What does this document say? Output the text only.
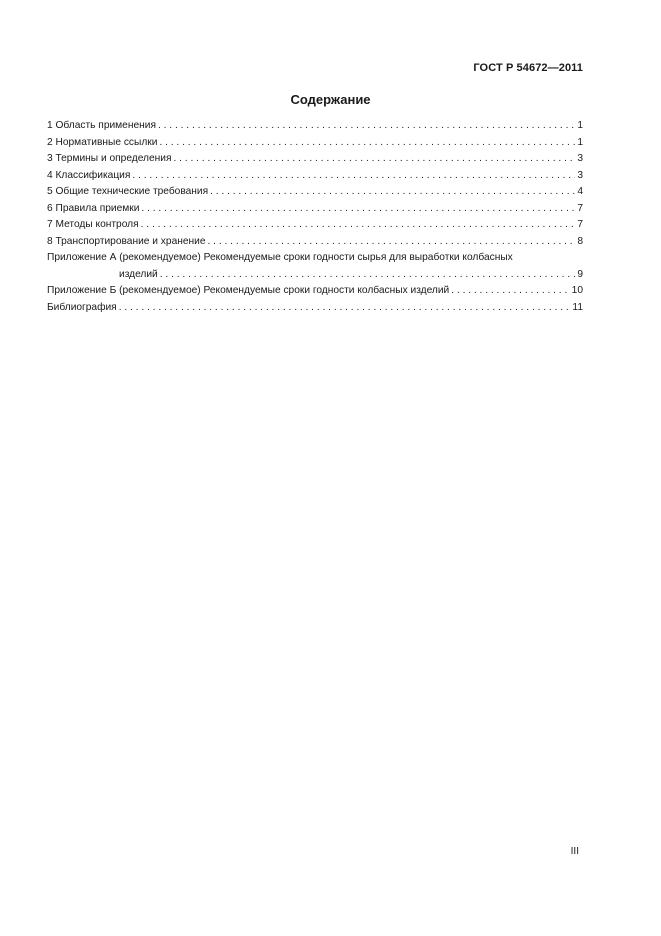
ГОСТ Р 54672—2011
Содержание
1 Область применения . . .	1
2 Нормативные ссылки . . .	1
3 Термины и определения . . .	3
4 Классификация . . .	3
5 Общие технические требования . . .	4
6 Правила приемки . . .	7
7 Методы контроля . . .	7
8 Транспортирование и хранение . . .	8
Приложение А (рекомендуемое) Рекомендуемые сроки годности сырья для выработки колбасных
изделий . . .	9
Приложение Б (рекомендуемое) Рекомендуемые сроки годности колбасных изделий . . .	10
Библиография . . .	11
III
